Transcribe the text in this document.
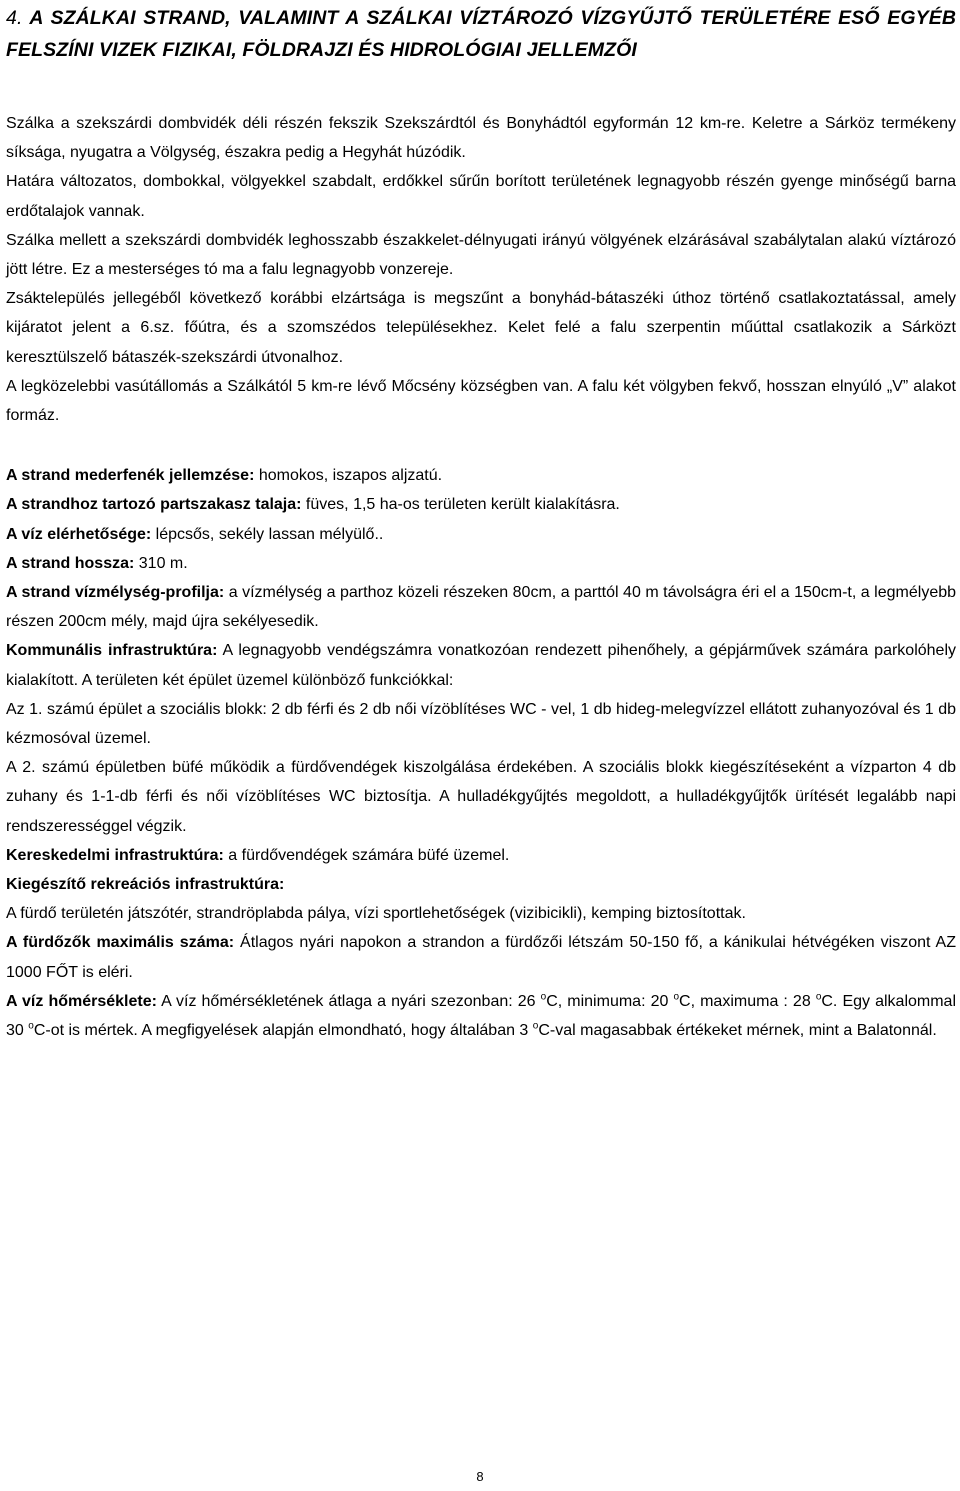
4. A SZÁLKAI STRAND, VALAMINT A SZÁLKAI VÍZTÁROZÓ VÍZGYŰJTŐ TERÜLETÉRE ESŐ EGYÉB FELSZÍNI VIZEK FIZIKAI, FÖLDRAJZI ÉS HIDROLÓGIAI JELLEMZŐI

Szálka a szekszárdi dombvidék déli részén fekszik Szekszárdtól és Bonyhádtól egyformán 12 km-re. Keletre a Sárköz termékeny síksága, nyugatra a Völgység, északra pedig a Hegyhát húzódik.

Határa változatos, dombokkal, völgyekkel szabdalt, erdőkkel sűrűn borított területének legnagyobb részén gyenge minőségű barna erdőtalajok vannak.

Szálka mellett a szekszárdi dombvidék leghosszabb északkelet-délnyugati irányú völgyének elzárásával szabálytalan alakú víztározó jött létre. Ez a mesterséges tó ma a falu legnagyobb vonzereje.

Zsáktelepülés jellegéből következő korábbi elzártsága is megszűnt a bonyhád-bátaszéki úthoz történő csatlakoztatással, amely kijáratot jelent a 6.sz. főútra, és a szomszédos településekhez. Kelet felé a falu szerpentin műúttal csatlakozik a Sárközt keresztülszelő bátaszék-szekszárdi útvonalhoz.

A legközelebbi vasútállomás a Szálkától 5 km-re lévő Mőcsény községben van. A falu két völgyben fekvő, hosszan elnyúló „V” alakot formáz.

A strand mederfenék jellemzése: homokos, iszapos aljzatú.

A strandhoz tartozó partszakasz talaja: füves, 1,5 ha-os területen került kialakításra.

A víz elérhetősége: lépcsős, sekély lassan mélyülő..

A strand hossza: 310 m.

A strand vízmélység-profilja: a vízmélység a parthoz közeli részeken 80cm, a parttól 40 m távolságra éri el a 150cm-t, a legmélyebb részen 200cm mély, majd újra sekélyesedik.

Kommunális infrastruktúra: A legnagyobb vendégszámra vonatkozóan rendezett pihenőhely, a gépjárművek számára parkolóhely kialakított. A területen két épület üzemel különböző funkciókkal:

Az 1. számú épület a szociális blokk: 2 db férfi és 2 db női vízöblítéses WC - vel, 1 db hideg-melegvízzel ellátott zuhanyozóval és 1 db kézmosóval üzemel.

A 2. számú épületben büfé működik a fürdővendégek kiszolgálása érdekében. A szociális blokk kiegészítéseként a vízparton 4 db zuhany és 1-1-db férfi és női vízöblítéses WC biztosítja. A hulladékgyűjtés megoldott, a hulladékgyűjtők ürítését legalább napi rendszerességgel végzik.

Kereskedelmi infrastruktúra: a fürdővendégek számára büfé üzemel.

Kiegészítő rekreációs infrastruktúra:

A fürdő területén játszótér, strandröplabda pálya, vízi sportlehetőségek (vizibicikli), kemping biztosítottak.

A fürdőzők maximális száma: Átlagos nyári napokon a strandon a fürdőzői létszám 50-150 fő, a kánikulai hétvégéken viszont AZ 1000 FŐT is eléri.

A víz hőmérséklete: A víz hőmérsékletének átlaga a nyári szezonban: 26 $^o$C, minimuma: 20 $^o$C, maximuma : 28 $^o$C. Egy alkalommal 30 $^o$C-ot is mértek. A megfigyelések alapján elmondható, hogy általában 3 $^o$C-val magasabbak értékeket mérnek, mint a Balatonnál.

8
